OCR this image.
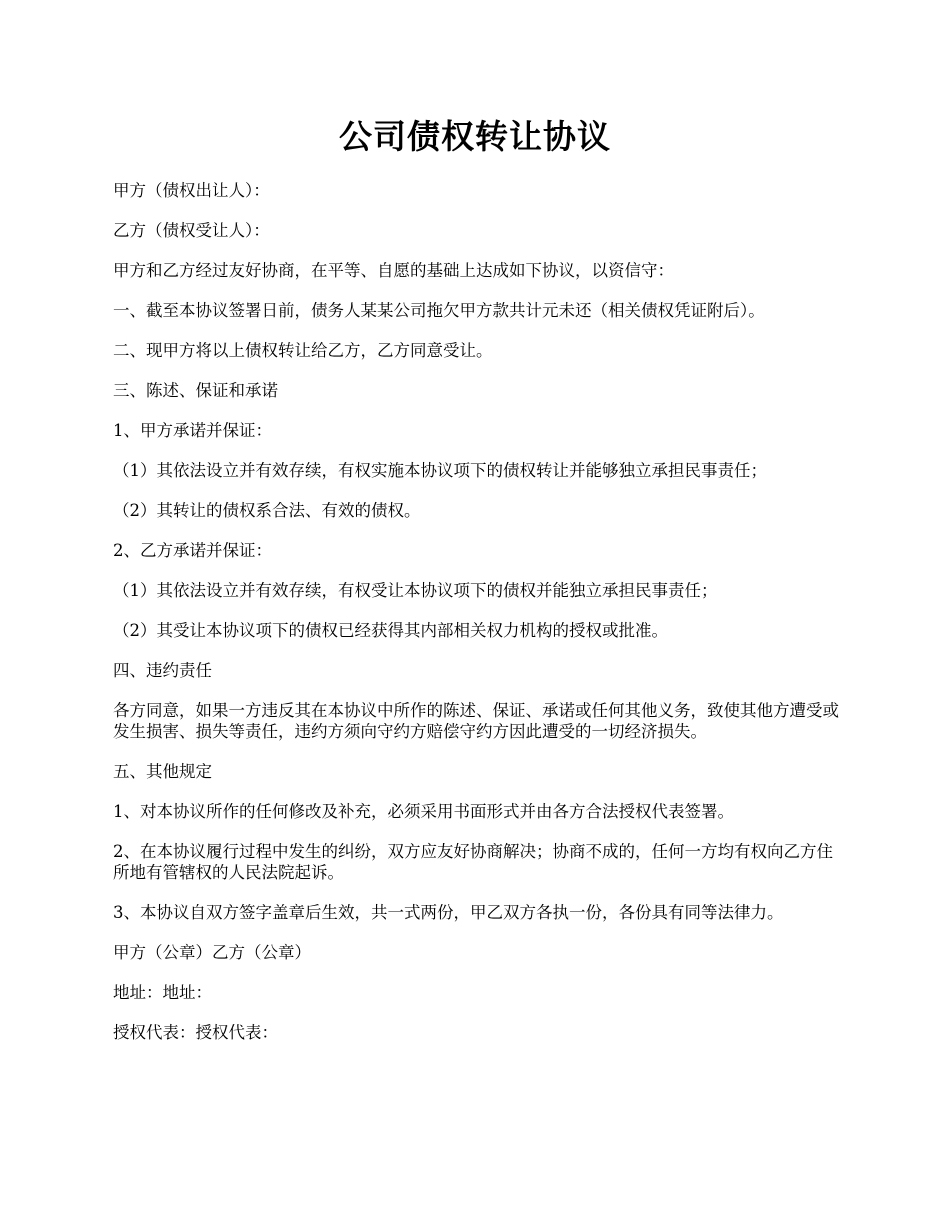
公司债权转让协议

甲方（债权出让人）：

乙方（债权受让人）：

甲方和乙方经过友好协商，在平等、自愿的基础上达成如下协议，以资信守：

一、截至本协议签署日前，债务人某某公司拖欠甲方款共计元未还（相关债权凭证附后）。

二、现甲方将以上债权转让给乙方，乙方同意受让。

三、陈述、保证和承诺

1、甲方承诺并保证：

（1）其依法设立并有效存续，有权实施本协议项下的债权转让并能够独立承担民事责任；

（2）其转让的债权系合法、有效的债权。

2、乙方承诺并保证：

（1）其依法设立并有效存续，有权受让本协议项下的债权并能独立承担民事责任；

（2）其受让本协议项下的债权已经获得其内部相关权力机构的授权或批准。

四、违约责任

各方同意，如果一方违反其在本协议中所作的陈述、保证、承诺或任何其他义务，致使其他方遭受或发生损害、损失等责任，违约方须向守约方赔偿守约方因此遭受的一切经济损失。

五、其他规定

1、对本协议所作的任何修改及补充，必须采用书面形式并由各方合法授权代表签署。

2、在本协议履行过程中发生的纠纷，双方应友好协商解决；协商不成的，任何一方均有权向乙方住所地有管辖权的人民法院起诉。

3、本协议自双方签字盖章后生效，共一式两份，甲乙双方各执一份，各份具有同等法律力。

甲方（公章）乙方（公章）

地址：地址：

授权代表：授权代表：
